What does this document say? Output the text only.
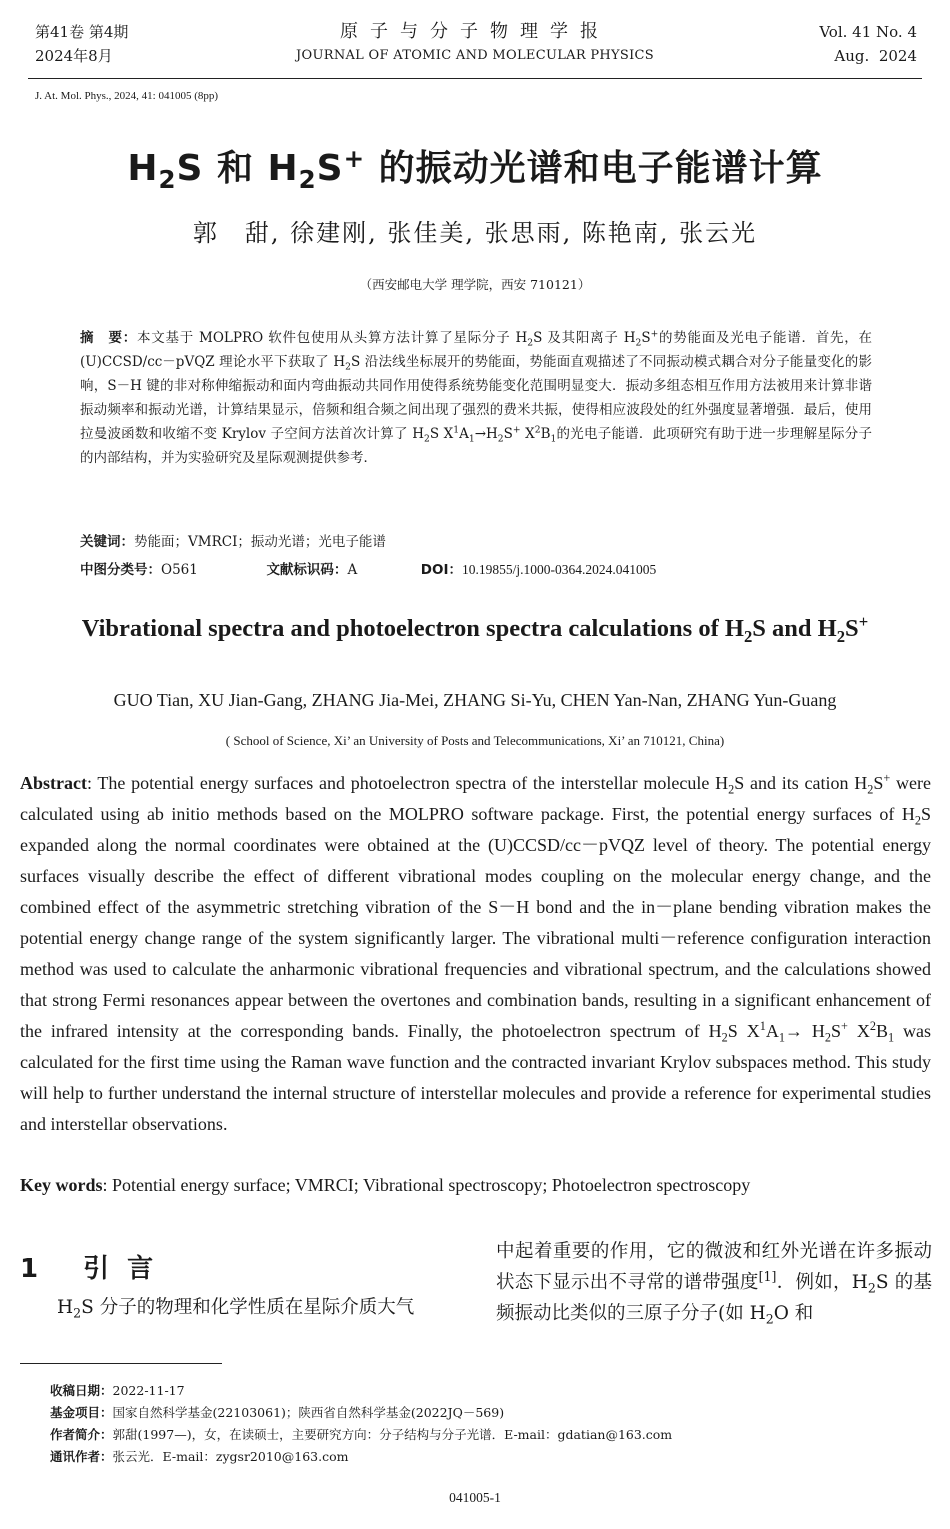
第41卷 第4期
2024年8月
原子与分子物理学报
JOURNAL OF ATOMIC AND MOLECULAR PHYSICS
Vol. 41 No. 4
Aug.  2024
J. At. Mol. Phys., 2024, 41: 041005 (8pp)
$H_2S$ 和 $H_2S^+$ 的振动光谱和电子能谱计算
郭　甜, 徐建刚, 张佳美, 张思雨, 陈艳南, 张云光
（西安邮电大学 理学院，西安 710121）
摘　要：本文基于 MOLPRO 软件包使用从头算方法计算了星际分子 $H_2S$ 及其阳离子 $H_2S^+$的势能面及光电子能谱．首先，在(U)CCSD/cc－pVQZ 理论水平下获取了 $H_2S$ 沿法线坐标展开的势能面，势能面直观描述了不同振动模式耦合对分子能量变化的影响，S－H 键的非对称伸缩振动和面内弯曲振动共同作用使得系统势能变化范围明显变大．振动多组态相互作用方法被用来计算非谐振动频率和振动光谱，计算结果显示，倍频和组合频之间出现了强烈的费米共振，使得相应波段处的红外强度显著增强．最后，使用拉曼波函数和收缩不变 Krylov 子空间方法首次计算了 $H_2S$ $X^1A_1\to H_2S^+$ $X^2B_1$的光电子能谱．此项研究有助于进一步理解星际分子的内部结构，并为实验研究及星际观测提供参考．
关键词：势能面；VMRCI；振动光谱；光电子能谱
中图分类号：O561	文献标识码：A	DOI：10.19855/j.1000-0364.2024.041005
Vibrational spectra and photoelectron spectra calculations of $H_2S$ and $H_2S^+$
GUO Tian, XU Jian-Gang, ZHANG Jia-Mei, ZHANG Si-Yu, CHEN Yan-Nan, ZHANG Yun-Guang
( School of Science, Xi’ an University of Posts and Telecommunications, Xi’ an 710121, China)
Abstract: The potential energy surfaces and photoelectron spectra of the interstellar molecule $H_2S$ and its cation $H_2S^+$ were calculated using ab initio methods based on the MOLPRO software package. First, the potential energy surfaces of $H_2S$ expanded along the normal coordinates were obtained at the (U)CCSD/cc－pVQZ level of theory. The potential energy surfaces visually describe the effect of different vibrational modes coupling on the molecular energy change, and the combined effect of the asymmetric stretching vibration of the S－H bond and the in－plane bending vibration makes the potential energy change range of the system significantly larger. The vibrational multi－reference configuration interaction method was used to calculate the anharmonic vibrational frequencies and vibrational spectrum, and the calculations showed that strong Fermi resonances appear between the overtones and combination bands, resulting in a significant enhancement of the infrared intensity at the corresponding bands. Finally, the photoelectron spectrum of $H_2S$ $X^1A_1\to H_2S^+$ $X^2B_1$ was calculated for the first time using the Raman wave function and the contracted invariant Krylov subspaces method. This study will help to further understand the internal structure of interstellar molecules and provide a reference for experimental studies and interstellar observations.
Key words: Potential energy surface; VMRCI; Vibrational spectroscopy; Photoelectron spectroscopy
1 引言
$H_2S$ 分子的物理和化学性质在星际介质大气
中起着重要的作用，它的微波和红外光谱在许多振动状态下显示出不寻常的谱带强度[1]．例如，$H_2S$ 的基频振动比类似的三原子分子(如 $H_2O$ 和
收稿日期：2022-11-17
基金项目：国家自然科学基金(22103061)；陕西省自然科学基金(2022JQ－569)
作者简介：郭甜(1997—)，女，在读硕士，主要研究方向：分子结构与分子光谱．E-mail：gdatian@163.com
通讯作者：张云光．E-mail：zygsr2010@163.com
041005-1
